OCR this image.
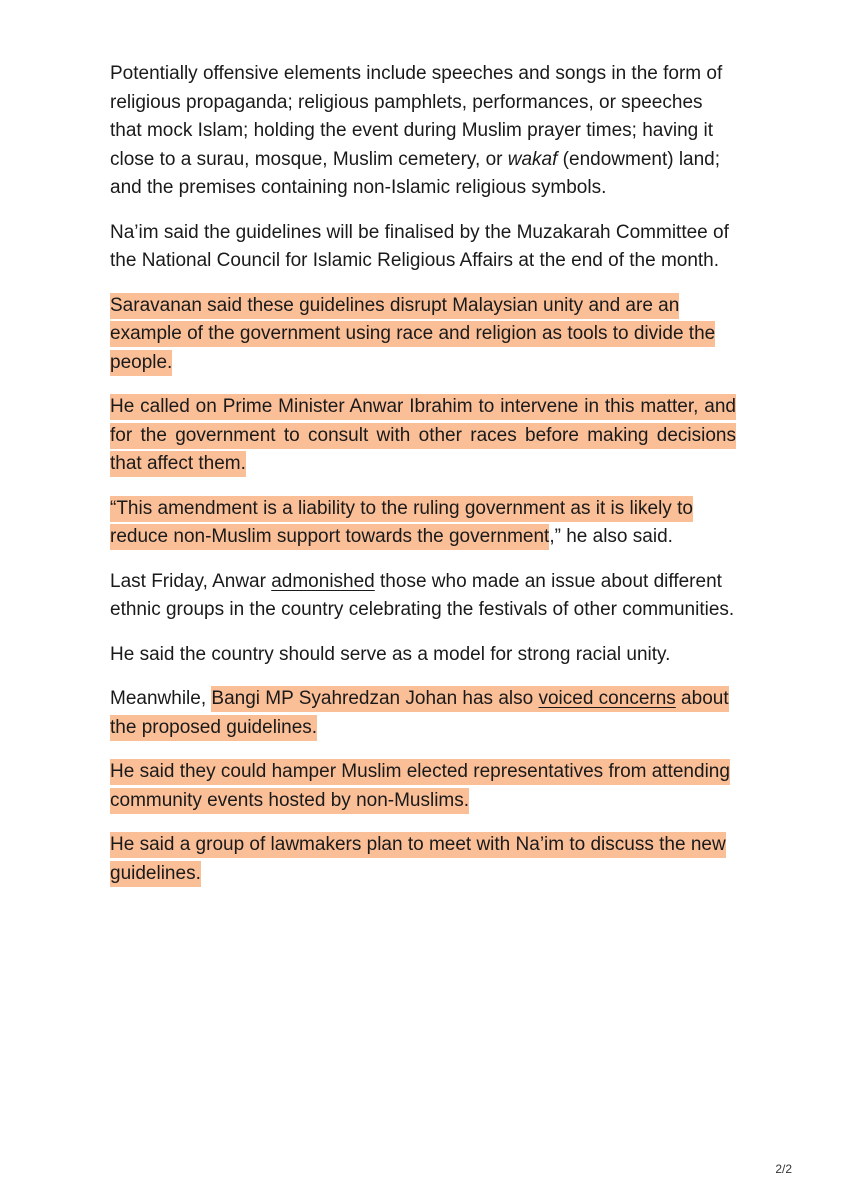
Potentially offensive elements include speeches and songs in the form of religious propaganda; religious pamphlets, performances, or speeches that mock Islam; holding the event during Muslim prayer times; having it close to a surau, mosque, Muslim cemetery, or wakaf (endowment) land; and the premises containing non-Islamic religious symbols.

Na’im said the guidelines will be finalised by the Muzakarah Committee of the National Council for Islamic Religious Affairs at the end of the month.

Saravanan said these guidelines disrupt Malaysian unity and are an example of the government using race and religion as tools to divide the people.

He called on Prime Minister Anwar Ibrahim to intervene in this matter, and for the government to consult with other races before making decisions that affect them.

“This amendment is a liability to the ruling government as it is likely to reduce non-Muslim support towards the government,” he also said.

Last Friday, Anwar admonished those who made an issue about different ethnic groups in the country celebrating the festivals of other communities.

He said the country should serve as a model for strong racial unity.

Meanwhile, Bangi MP Syahredzan Johan has also voiced concerns about the proposed guidelines.

He said they could hamper Muslim elected representatives from attending community events hosted by non-Muslims.

He said a group of lawmakers plan to meet with Na’im to discuss the new guidelines.

2/2
